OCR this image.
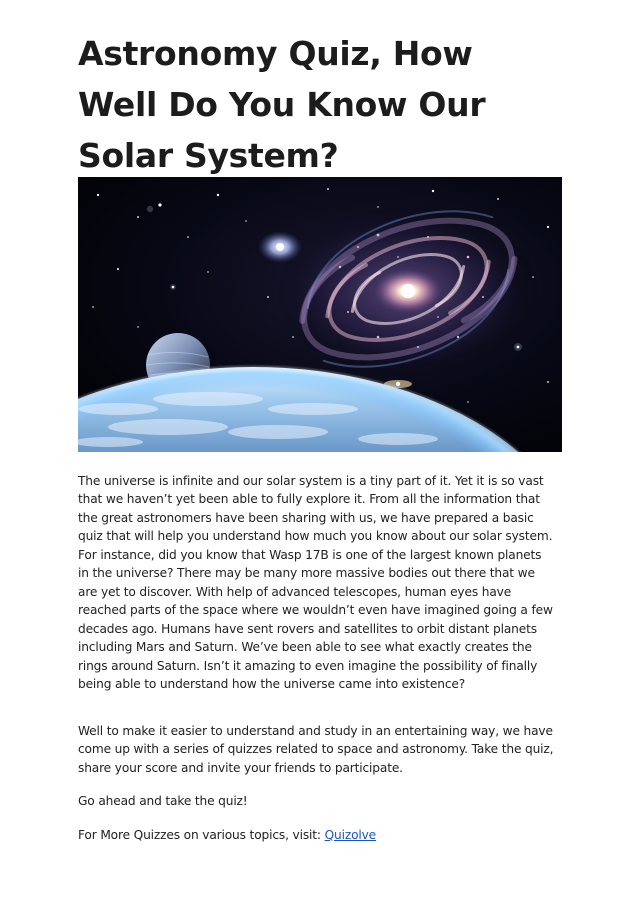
Astronomy Quiz, How Well Do You Know Our Solar System?

The universe is infinite and our solar system is a tiny part of it. Yet it is so vast that we haven’t yet been able to fully explore it. From all the information that the great astronomers have been sharing with us, we have prepared a basic quiz that will help you understand how much you know about our solar system. For instance, did you know that Wasp 17B is one of the largest known planets in the universe? There may be many more massive bodies out there that we are yet to discover. With help of advanced telescopes, human eyes have reached parts of the space where we wouldn’t even have imagined going a few decades ago. Humans have sent rovers and satellites to orbit distant planets including Mars and Saturn. We’ve been able to see what exactly creates the rings around Saturn. Isn’t it amazing to even imagine the possibility of finally being able to understand how the universe came into existence?

Well to make it easier to understand and study in an entertaining way, we have come up with a series of quizzes related to space and astronomy. Take the quiz, share your score and invite your friends to participate.

Go ahead and take the quiz!

For More Quizzes on various topics, visit: Quizolve
